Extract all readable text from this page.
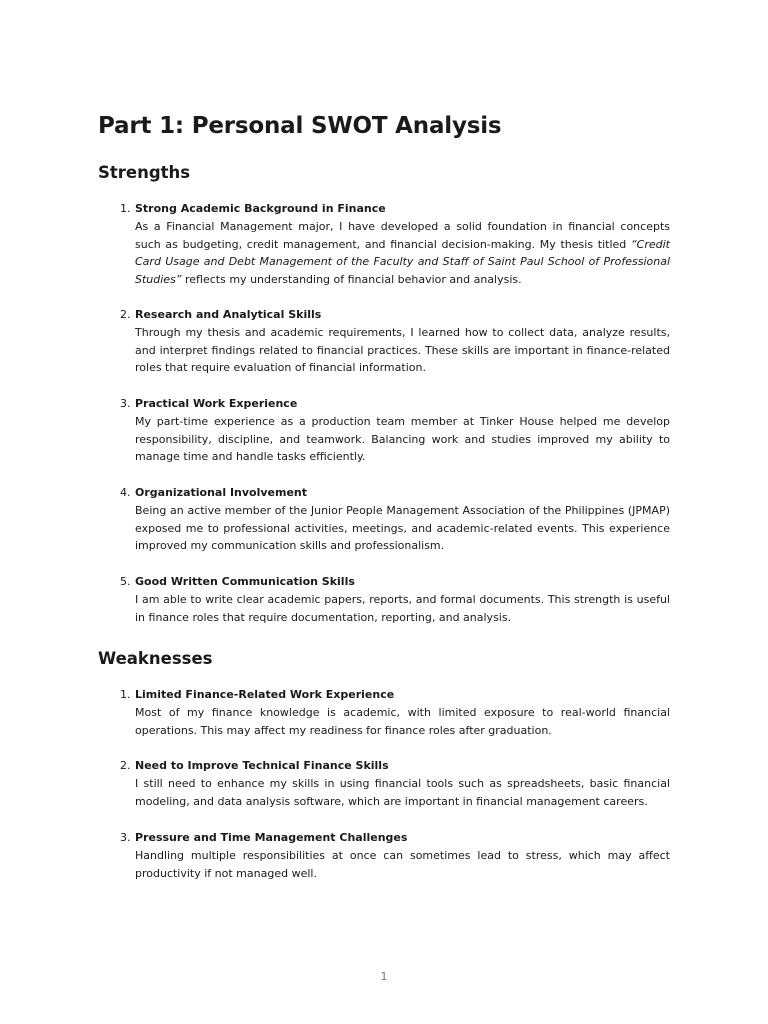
Part 1: Personal SWOT Analysis
Strengths
1. Strong Academic Background in Finance
As a Financial Management major, I have developed a solid foundation in financial concepts such as budgeting, credit management, and financial decision-making. My thesis titled “Credit Card Usage and Debt Management of the Faculty and Staff of Saint Paul School of Professional Studies” reflects my understanding of financial behavior and analysis.
2. Research and Analytical Skills
Through my thesis and academic requirements, I learned how to collect data, analyze results, and interpret findings related to financial practices. These skills are important in finance-related roles that require evaluation of financial information.
3. Practical Work Experience
My part-time experience as a production team member at Tinker House helped me develop responsibility, discipline, and teamwork. Balancing work and studies improved my ability to manage time and handle tasks efficiently.
4. Organizational Involvement
Being an active member of the Junior People Management Association of the Philippines (JPMAP) exposed me to professional activities, meetings, and academic-related events. This experience improved my communication skills and professionalism.
5. Good Written Communication Skills
I am able to write clear academic papers, reports, and formal documents. This strength is useful in finance roles that require documentation, reporting, and analysis.
Weaknesses
1. Limited Finance-Related Work Experience
Most of my finance knowledge is academic, with limited exposure to real-world financial operations. This may affect my readiness for finance roles after graduation.
2. Need to Improve Technical Finance Skills
I still need to enhance my skills in using financial tools such as spreadsheets, basic financial modeling, and data analysis software, which are important in financial management careers.
3. Pressure and Time Management Challenges
Handling multiple responsibilities at once can sometimes lead to stress, which may affect productivity if not managed well.
1
